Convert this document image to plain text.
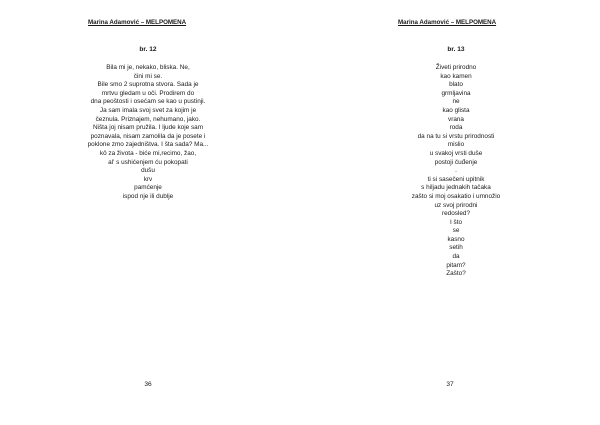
Marina Adamović – MELPOMENA
br. 12
Bila mi je, nekako, bliska. Ne,
čini mi se.
Bile smo 2 suprotna stvora. Sada je
mrtvu gledam u oči. Prodirem do
dna peoštosti i osećam se kao u pustinji.
Ja sam imala svoj svet za kojim je
čeznula. Priznajem, nehumano, jako.
Ništa joj nisam pružila. I ljude koje sam
poznavala, nisam zamolila da je posete i
poklone zmo zajedništva. I šta sada? Ma...
kô za života - biće mi,recimo, žao,
al' s ushićenjem ću pokopati
dušu
krv
pamćenje
ispod nje ili dublje
36
Marina Adamović – MELPOMENA
br. 13
Živeti prirodno
kao kamen
blato
grmljavina
ne
kao glista
vrana
roda
da na tu si vrstu prirodnosti
mislio
u svakoj vrsti duše
postoji čuđenje
.
ti si sasečeni upitnik
s hiljadu jednakih tačaka
zašto si moj osakatio i umnožio
uz svoj prirodni
redosled?
I što
se
kasno
setih
da
pitam?
Zašto?
37
